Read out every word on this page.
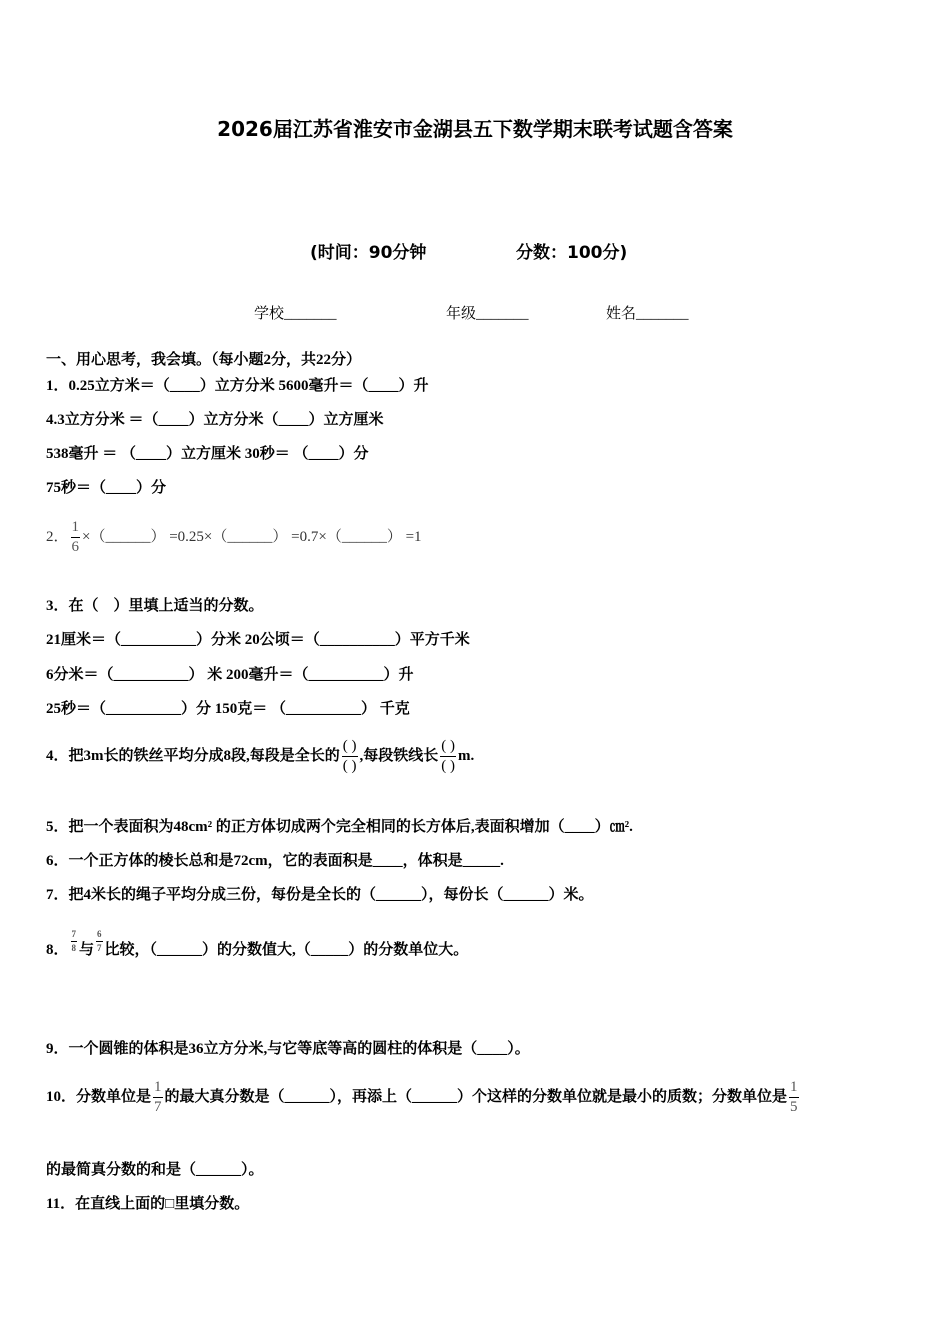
2026届江苏省淮安市金湖县五下数学期末联考试题含答案
(时间：90分钟	分数：100分)
学校_______	年级_______	姓名_______
一、用心思考，我会填。（每小题2分，共22分）
1．0.25立方米＝（____）立方分米 5600毫升＝（____）升
4.3立方分米 ＝（____）立方分米（____）立方厘米
538毫升 ＝ （____）立方厘米 30秒＝ （____）分
75秒＝（____）分
2． $\frac{1}{6}$ ×（______） =0.25×（______） =0.7×（______） =1
3．在（　）里填上适当的分数。
21厘米＝（__________）分米 20公顷＝（__________）平方千米
6分米＝（__________） 米 200毫升＝（__________）升
25秒＝（__________）分 150克＝ （__________） 千克
4．把3m长的铁丝平均分成8段,每段是全长的 $\frac{( )}{( )}$ ,每段铁线长 $\frac{( )}{( )} m$.
5．把一个表面积为48cm² 的正方体切成两个完全相同的长方体后,表面积增加（____）㎝².
6．一个正方体的棱长总和是72cm，它的表面积是____，体积是_____.
7．把4米长的绳子平均分成三份，每份是全长的（______），每份长（______）米。
8． $\frac{7}{8}$ 与 $\frac{6}{7}$ 比较，（______）的分数值大,（_____）的分数单位大。
9．一个圆锥的体积是36立方分米,与它等底等高的圆柱的体积是（____）。
10．分数单位是 $\frac{1}{7}$ 的最大真分数是（______），再添上（______）个这样的分数单位就是最小的质数；分数单位是 $\frac{1}{5}$
的最简真分数的和是（______）。
11．在直线上面的□里填分数。
